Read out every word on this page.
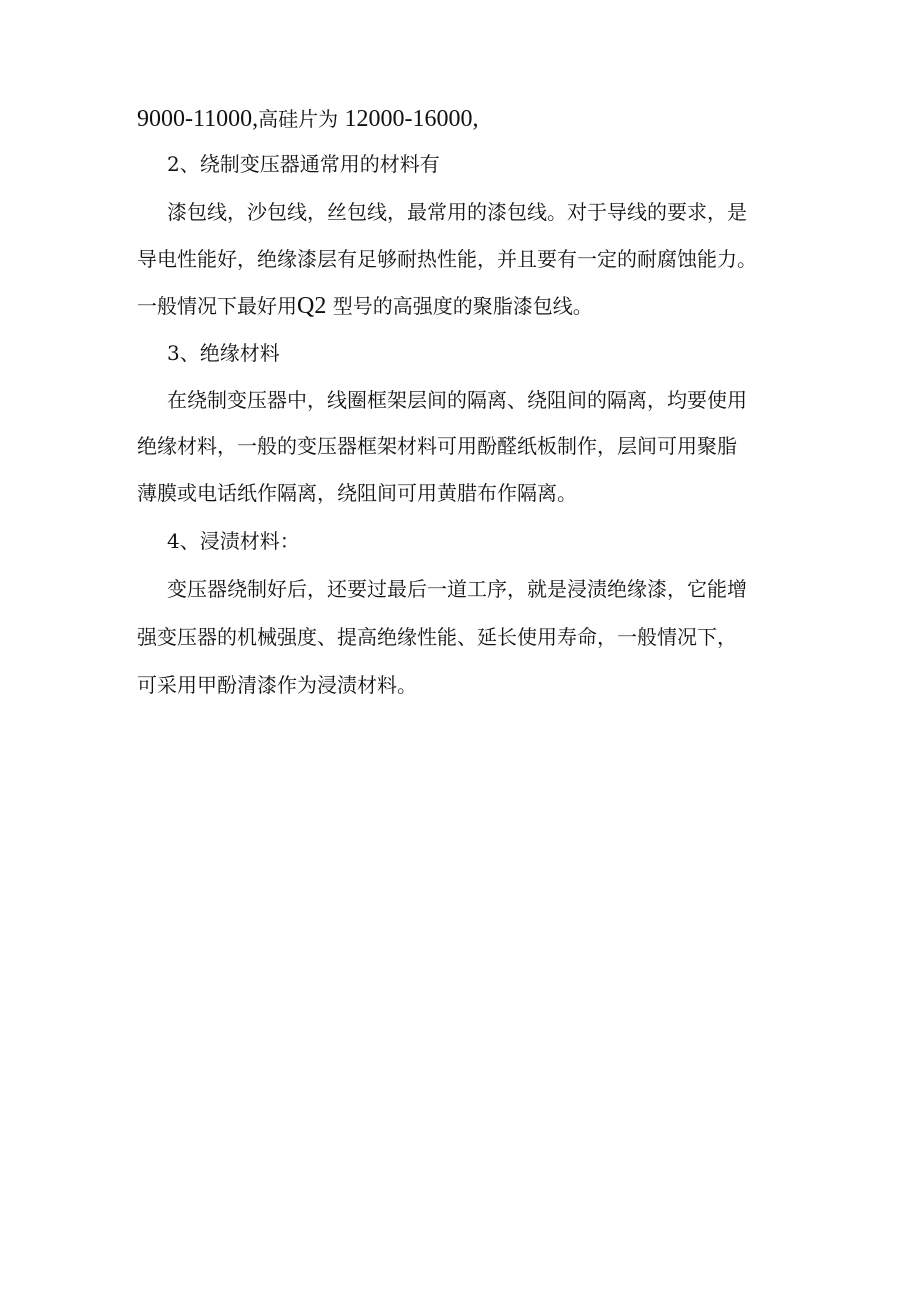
9000-11000,高硅片为 12000-16000,
2、绕制变压器通常用的材料有
漆包线，沙包线，丝包线，最常用的漆包线。对于导线的要求，是
导电性能好，绝缘漆层有足够耐热性能，并且要有一定的耐腐蚀能力。
一般情况下最好用Q2 型号的高强度的聚脂漆包线。
3、绝缘材料
在绕制变压器中，线圈框架层间的隔离、绕阻间的隔离，均要使用
绝缘材料，一般的变压器框架材料可用酚醛纸板制作，层间可用聚脂
薄膜或电话纸作隔离，绕阻间可用黄腊布作隔离。
4、浸渍材料：
变压器绕制好后，还要过最后一道工序，就是浸渍绝缘漆，它能增
强变压器的机械强度、提高绝缘性能、延长使用寿命，一般情况下，
可采用甲酚清漆作为浸渍材料。
